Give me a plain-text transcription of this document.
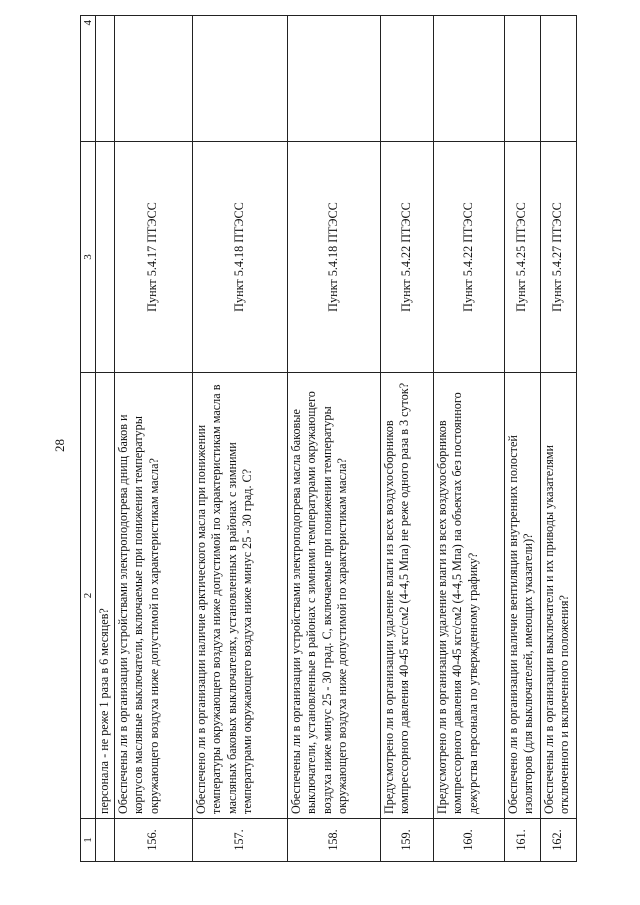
28
1	2	3	4
	персонала - не реже 1 раза в 6 месяцев?		
156.	Обеспечены ли в организации устройствами электроподогрева днищ баков и корпусов масляные выключатели, включаемые при понижении температуры окружающего воздуха ниже допустимой по характеристикам масла?	Пункт 5.4.17 ПТЭСС	
157.	Обеспечено ли в организации наличие арктического масла при понижении температуры окружающего воздуха ниже допустимой по характеристикам масла в масляных баковых выключателях, установленных в районах с зимними температурами окружающего воздуха ниже минус 25 - 30 град. С?	Пункт 5.4.18 ПТЭСС	
158.	Обеспечены ли в организации устройствами электроподогрева масла баковые выключатели, установленные в районах с зимними температурами окружающего воздуха ниже минус 25 - 30 град. С, включаемые при понижении температуры окружающего воздуха ниже допустимой по характеристикам масла?	Пункт 5.4.18 ПТЭСС	
159.	Предусмотрено ли в организации удаление влаги из всех воздухосборников компрессорного давления 40-45 кгс/см2 (4-4,5 Мпа) не реже одного раза в 3 суток?	Пункт 5.4.22 ПТЭСС	
160.	Предусмотрено ли в организации удаление влаги из всех воздухосборников компрессорного давления 40-45 кгс/см2 (4-4,5 Мпа) на объектах без постоянного дежурства персонала по утвержденному графику?	Пункт 5.4.22 ПТЭСС	
161.	Обеспечено ли в организации наличие вентиляции внутренних полостей изоляторов (для выключателей, имеющих указатели)?	Пункт 5.4.25 ПТЭСС	
162.	Обеспечены ли в организации выключатели и их приводы указателями отключенного и включенного положения?	Пункт 5.4.27 ПТЭСС	
